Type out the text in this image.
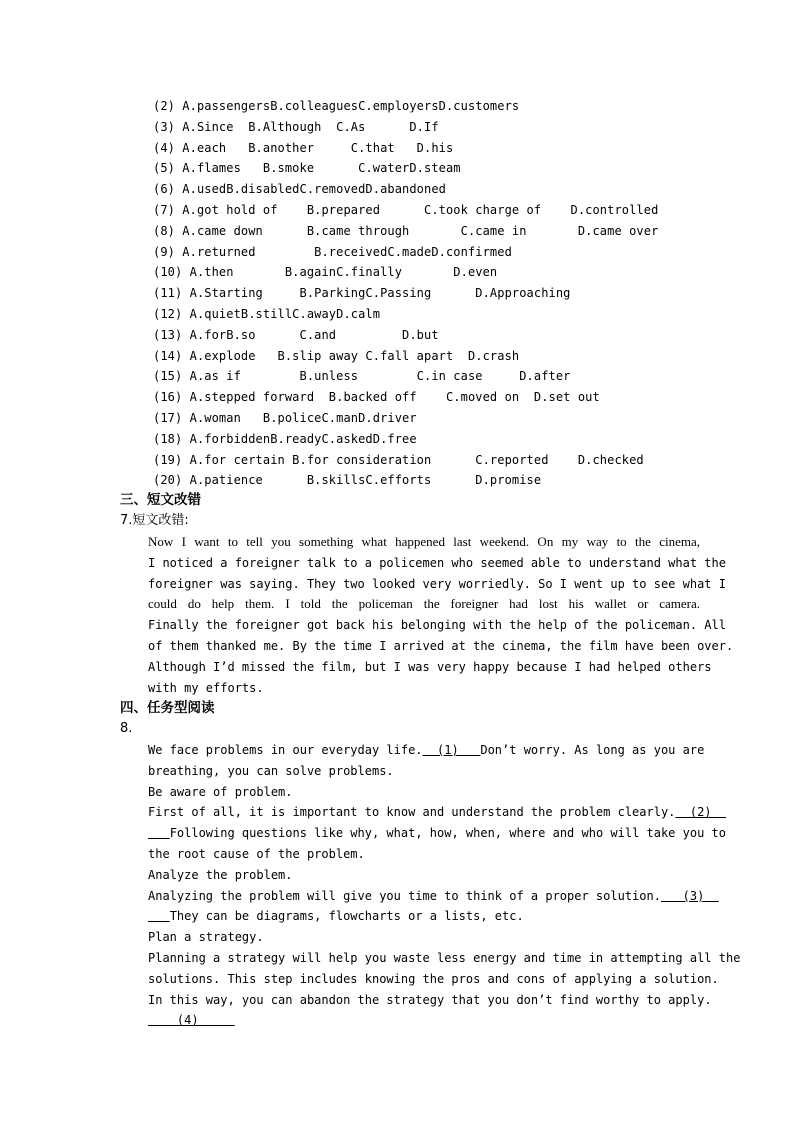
(2) A.passengersB.colleaguesC.employersD.customers
(3) A.Since  B.Although  C.As      D.If
(4) A.each   B.another     C.that   D.his
(5) A.flames   B.smoke      C.waterD.steam
(6) A.usedB.disabledC.removedD.abandoned
(7) A.got hold of    B.prepared      C.took charge of    D.controlled
(8) A.came down      B.came through       C.came in       D.came over
(9) A.returned        B.receivedC.madeD.confirmed
(10) A.then       B.againC.finally       D.even
(11) A.Starting     B.ParkingC.Passing      D.Approaching
(12) A.quietB.stillC.awayD.calm
(13) A.forB.so      C.and         D.but
(14) A.explode   B.slip away C.fall apart  D.crash
(15) A.as if        B.unless        C.in case     D.after
(16) A.stepped forward  B.backed off    C.moved on  D.set out
(17) A.woman   B.policeC.manD.driver
(18) A.forbiddenB.readyC.askedD.free
(19) A.for certain B.for consideration      C.reported    D.checked
(20) A.patience      B.skillsC.efforts      D.promise
三、短文改错
7.短文改错:
Now I want to tell you something what happened last weekend. On my way to the cinema,
I noticed a foreigner talk to a policemen who seemed able to understand what the
foreigner was saying. They two looked very worriedly. So I went up to see what I
could do help them. I told the policeman the foreigner had lost his wallet or camera.
Finally the foreigner got back his belonging with the help of the policeman. All
of them thanked me. By the time I arrived at the cinema, the film have been over.
Although I’d missed the film, but I was very happy because I had helped others
with my efforts.
四、任务型阅读
8.
We face problems in our everyday life.  (1)   Don’t worry. As long as you are
breathing, you can solve problems.
Be aware of problem.
First of all, it is important to know and understand the problem clearly.  (2)
Following questions like why, what, how, when, where and who will take you to
the root cause of the problem.
Analyze the problem.
Analyzing the problem will give you time to think of a proper solution.   (3)
They can be diagrams, flowcharts or a lists, etc.
Plan a strategy.
Planning a strategy will help you waste less energy and time in attempting all the
solutions. This step includes knowing the pros and cons of applying a solution.
In this way, you can abandon the strategy that you don’t find worthy to apply.
(4)
